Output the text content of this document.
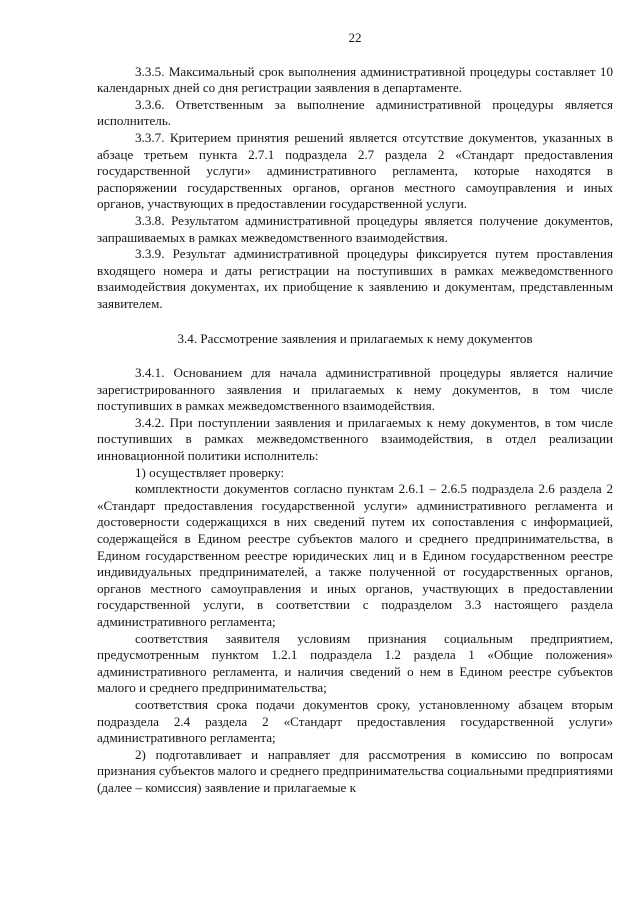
22

3.3.5. Максимальный срок выполнения административной процедуры составляет 10 календарных дней со дня регистрации заявления в департаменте.

3.3.6. Ответственным за выполнение административной процедуры является исполнитель.

3.3.7. Критерием принятия решений является отсутствие документов, указанных в абзаце третьем пункта 2.7.1 подраздела 2.7 раздела 2 «Стандарт предоставления государственной услуги» административного регламента, которые находятся в распоряжении государственных органов, органов местного самоуправления и иных органов, участвующих в предоставлении государственной услуги.

3.3.8. Результатом административной процедуры является получение документов, запрашиваемых в рамках межведомственного взаимодействия.

3.3.9. Результат административной процедуры фиксируется путем проставления входящего номера и даты регистрации на поступивших в рамках межведомственного взаимодействия документах, их приобщение к заявлению и документам, представленным заявителем.

3.4. Рассмотрение заявления и прилагаемых к нему документов

3.4.1. Основанием для начала административной процедуры является наличие зарегистрированного заявления и прилагаемых к нему документов, в том числе поступивших в рамках межведомственного взаимодействия.

3.4.2. При поступлении заявления и прилагаемых к нему документов, в том числе поступивших в рамках межведомственного взаимодействия, в отдел реализации инновационной политики исполнитель:

1) осуществляет проверку:

комплектности документов согласно пунктам 2.6.1 – 2.6.5 подраздела 2.6 раздела 2 «Стандарт предоставления государственной услуги» административного регламента и достоверности содержащихся в них сведений путем их сопоставления с информацией, содержащейся в Едином реестре субъектов малого и среднего предпринимательства, в Едином государственном реестре юридических лиц и в Едином государственном реестре индивидуальных предпринимателей, а также полученной от государственных органов, органов местного самоуправления и иных органов, участвующих в предоставлении государственной услуги, в соответствии с подразделом 3.3 настоящего раздела административного регламента;

соответствия заявителя условиям признания социальным предприятием, предусмотренным пунктом 1.2.1 подраздела 1.2 раздела 1 «Общие положения» административного регламента, и наличия сведений о нем в Едином реестре субъектов малого и среднего предпринимательства;

соответствия срока подачи документов сроку, установленному абзацем вторым подраздела 2.4 раздела 2 «Стандарт предоставления государственной услуги» административного регламента;

2) подготавливает и направляет для рассмотрения в комиссию по вопросам признания субъектов малого и среднего предпринимательства социальными предприятиями (далее – комиссия) заявление и прилагаемые к
